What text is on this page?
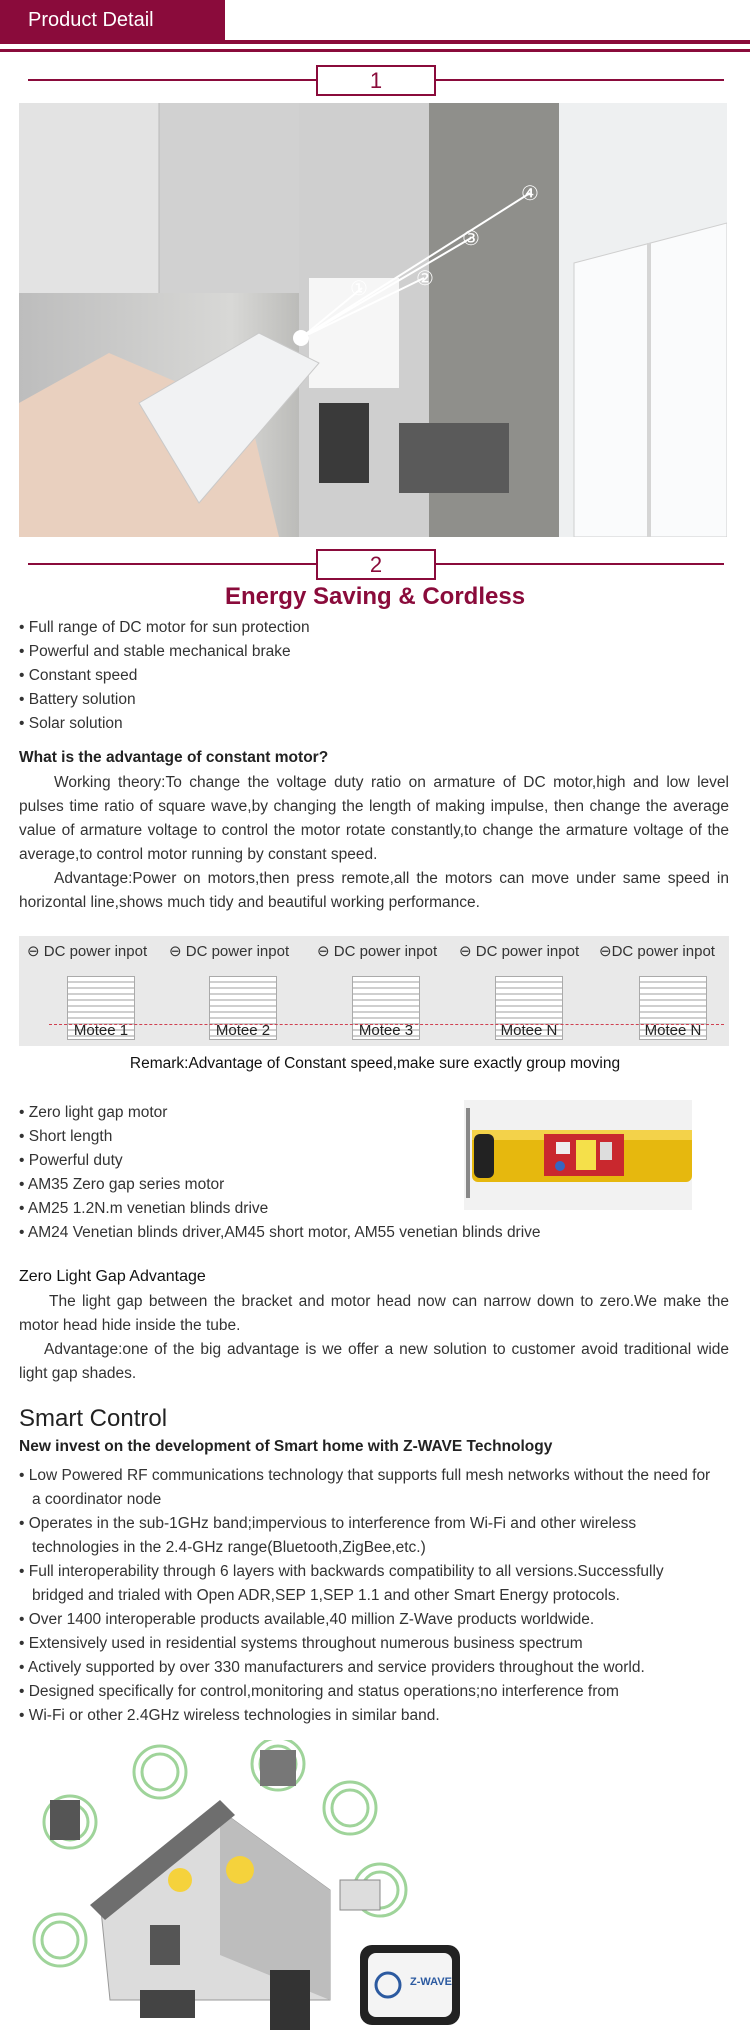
Product Detail
1
① ②
③
④
2
Energy Saving & Cordless
• Full range of DC motor for sun protection
• Powerful and stable mechanical brake
• Constant speed
• Battery solution
• Solar solution
What is the advantage of constant motor?
Working theory:To change the voltage duty ratio on armature of DC motor,high and low level pulses time ratio of square wave,by changing the length of making impulse, then change the average value of armature voltage to control the motor rotate constantly,to change the armature voltage of the average,to control motor running by constant speed.
Advantage:Power on motors,then press remote,all the motors can move under same speed in horizontal line,shows much tidy and beautiful working performance.
⊖ DC power inpot ⊖ DC power inpot ⊖ DC power inpot ⊖ DC power inpot ⊖DC power inpot
Motee 1	Motee 2	Motee 3	Motee N	Motee N
Remark:Advantage of Constant speed,make sure exactly group moving
• Zero light gap motor
• Short length
• Powerful duty
• AM35 Zero gap series motor
• AM25 1.2N.m venetian blinds drive
• AM24 Venetian blinds driver,AM45 short motor, AM55 venetian blinds drive
Zero Light Gap Advantage
The light gap between the bracket and motor head now can narrow down to zero.We make the motor head hide inside the tube.
Advantage:one of the big advantage is we offer a new solution to customer avoid traditional wide light gap shades.
Smart Control
New invest on the development of Smart home with Z-WAVE Technology
• Low Powered RF communications technology that supports full mesh networks without the need for a coordinator node
• Operates in the sub-1GHz band;impervious to interference from Wi-Fi and other wireless technologies in the 2.4-GHz range(Bluetooth,ZigBee,etc.)
• Full interoperability through 6 layers with backwards compatibility to all versions.Successfully bridged and trialed with Open ADR,SEP 1,SEP 1.1 and other Smart Energy protocols.
• Over 1400 interoperable products available,40 million Z-Wave products worldwide.
• Extensively used in residential systems throughout numerous business spectrum
• Actively supported by over 330 manufacturers and service providers throughout the world.
• Designed specifically for control,monitoring and status operations;no interference from
• Wi-Fi or other 2.4GHz wireless technologies in similar band.
Z-WAVE
